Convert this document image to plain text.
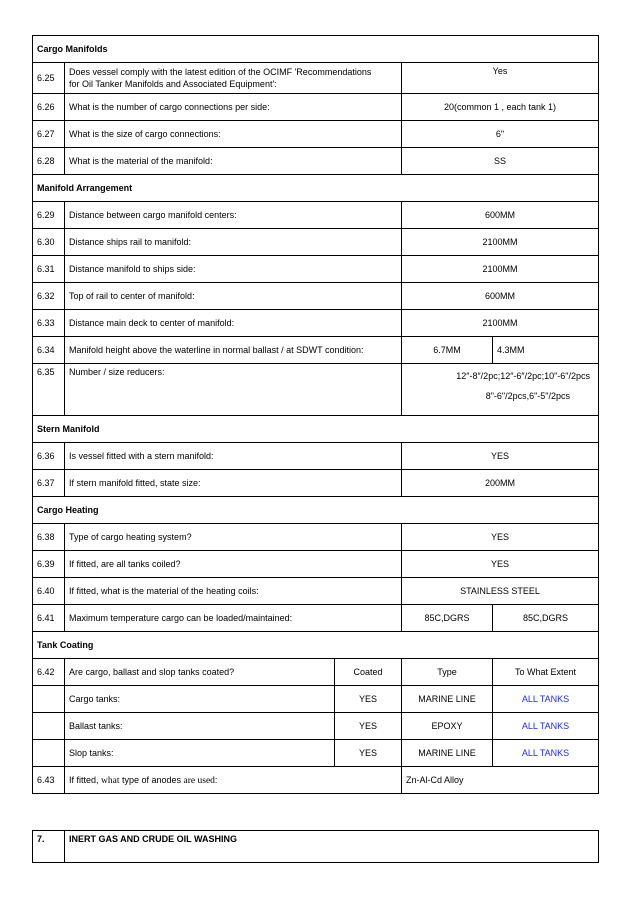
Cargo Manifolds				
6.25	Does vessel comply with the latest edition of the OCIMF 'Recommendations
for Oil Tanker Manifolds and Associated Equipment':		Yes	
6.26	What is the number of cargo connections per side:		20(common 1 , each tank 1)	
6.27	What is the size of cargo connections:		6"	
6.28	What is the material of the manifold:		SS	
Manifold Arrangement				
6.29	Distance between cargo manifold centers:		600MM	
6.30	Distance ships rail to manifold:		2100MM	
6.31	Distance manifold to ships side:		2100MM	
6.32	Top of rail to center of manifold:		600MM	
6.33	Distance main deck to center of manifold:		2100MM	
6.34	Manifold height above the waterline in normal ballast / at SDWT condition:		6.7MM	4.3MM
6.35	Number / size reducers:		12″-8″/2pc;12″-6″/2pc;10"-6"/2pcs
8"-6"/2pcs,6"-5"/2pcs	
Stern Manifold				
6.36	Is vessel fitted with a stern manifold:		YES	
6.37	If stern manifold fitted, state size:		200MM	
Cargo Heating				
6.38	Type of cargo heating system?		YES	
6.39	If fitted, are all tanks coiled?		YES	
6.40	If fitted, what is the material of the heating coils:		STAINLESS STEEL	
6.41	Maximum temperature cargo can be loaded/maintained:		85C,DGRS	85C,DGRS
Tank Coating				
6.42	Are cargo, ballast and slop tanks coated?	Coated	Type	To What Extent
	Cargo tanks:	YES	MARINE LINE	ALL TANKS
	Ballast tanks:	YES	EPOXY	ALL TANKS
	Slop tanks:	YES	MARINE LINE	ALL TANKS
6.43	If fitted, what type of anodes are used:		Zn-Al-Cd Alloy	
7.	INERT GAS AND CRUDE OIL WASHING
